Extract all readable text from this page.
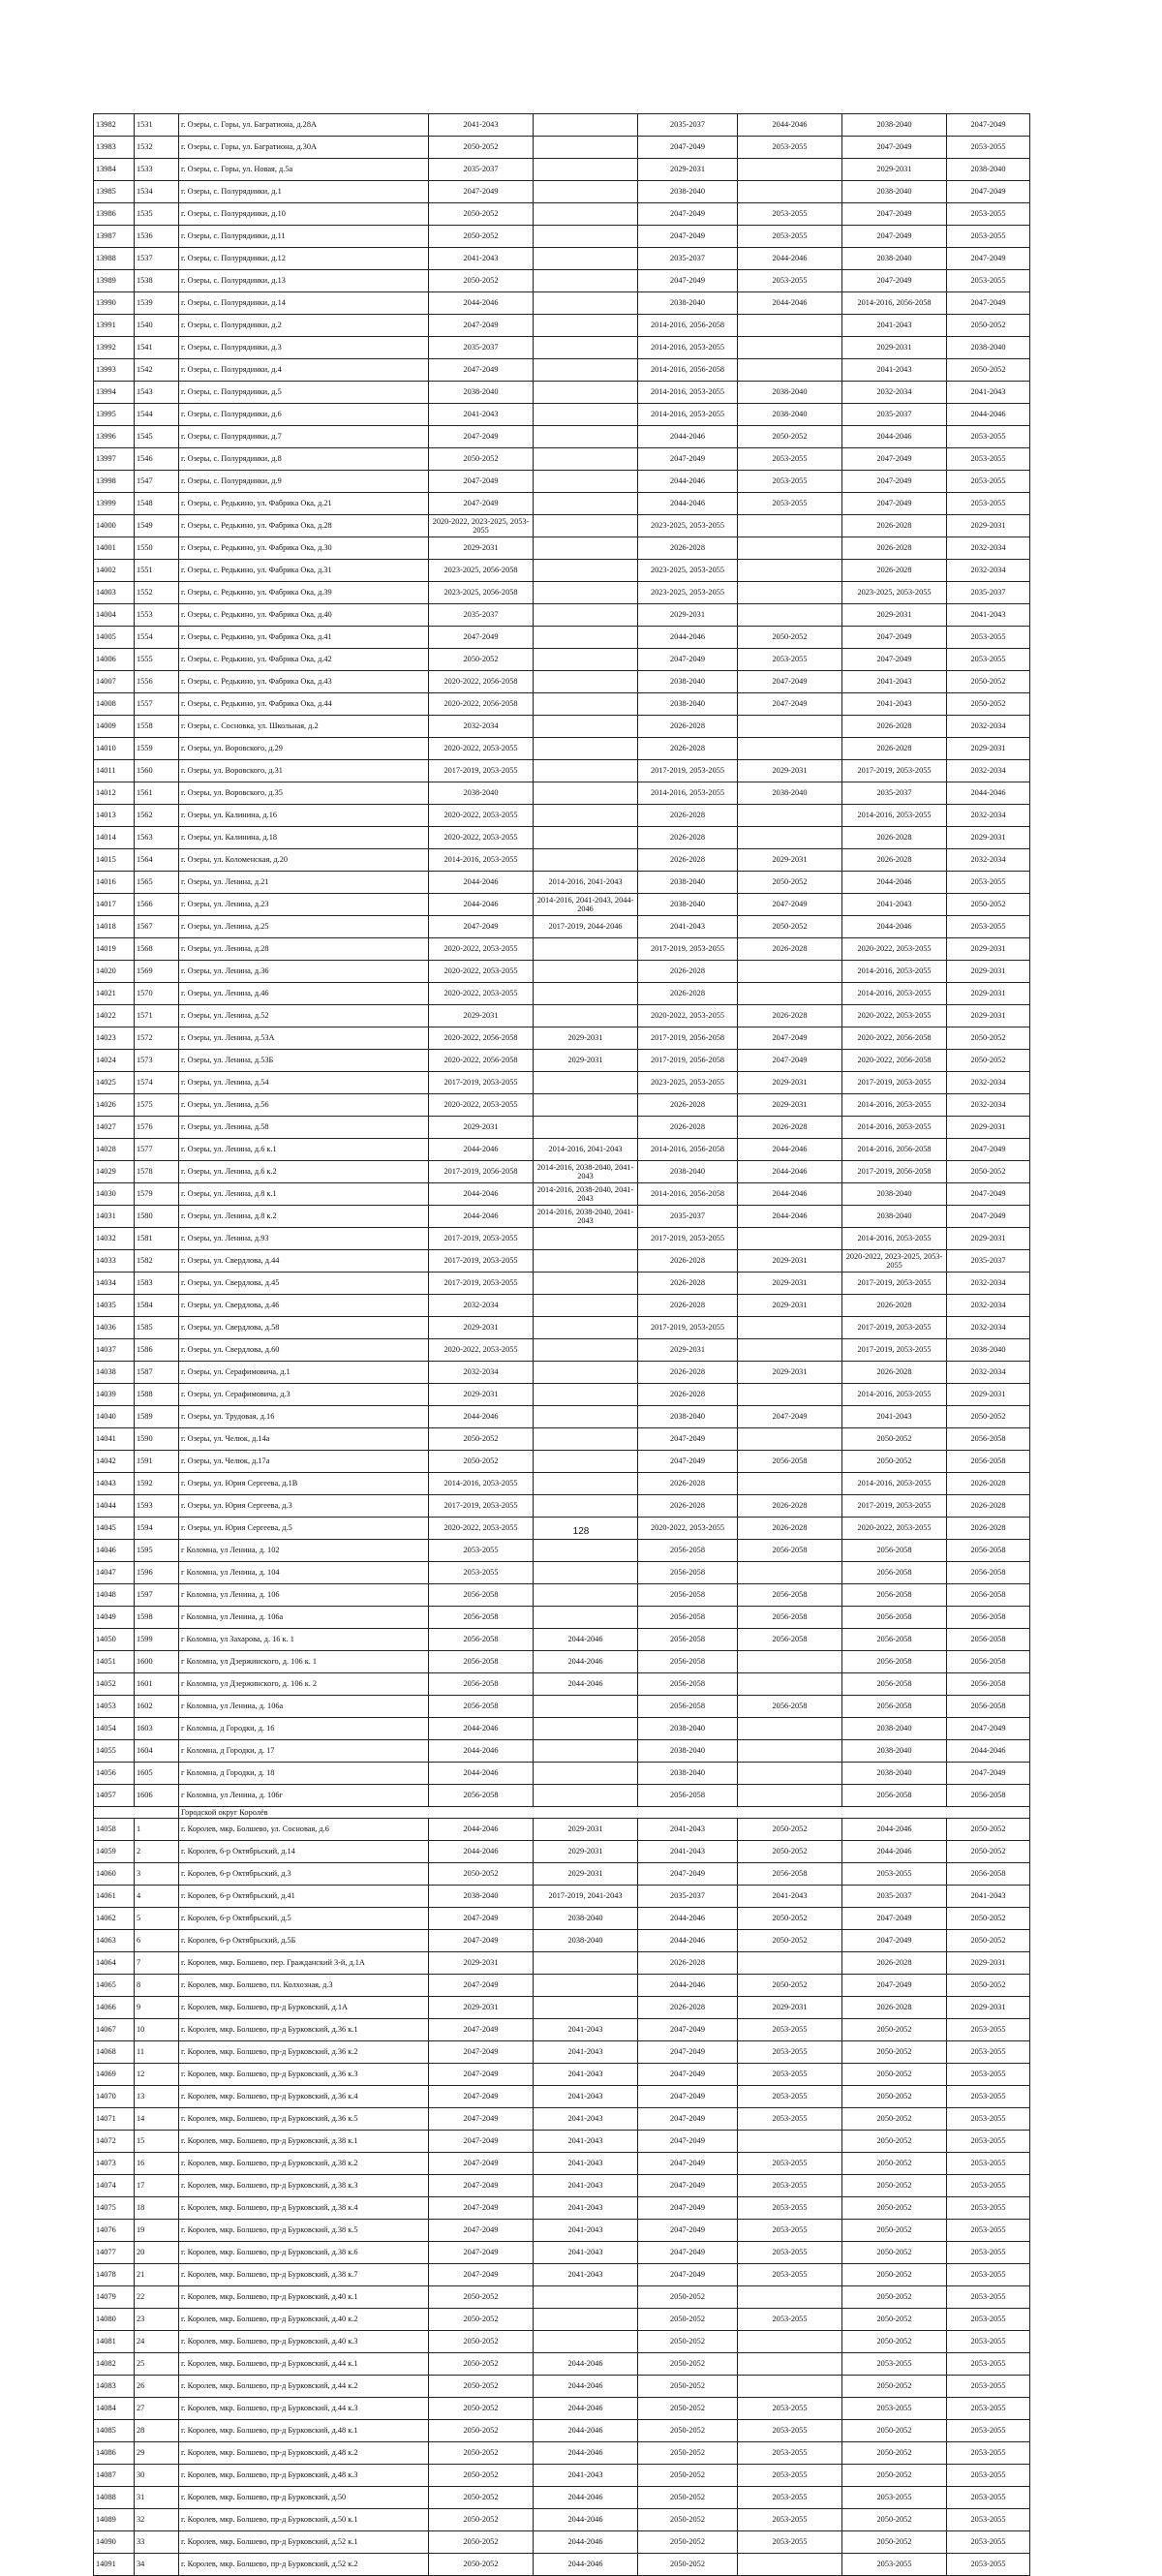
13982	1531	г. Озеры, с. Горы, ул. Багратиона, д.28А	2041-2043		2035-2037	2044-2046	2038-2040	2047-2049
13983	1532	г. Озеры, с. Горы, ул. Багратиона, д.30А	2050-2052		2047-2049	2053-2055	2047-2049	2053-2055
13984	1533	г. Озеры, с. Горы, ул. Новая, д.5а	2035-2037		2029-2031		2029-2031	2038-2040
13985	1534	г. Озеры, с. Полурядинки, д.1	2047-2049		2038-2040		2038-2040	2047-2049
13986	1535	г. Озеры, с. Полурядинки, д.10	2050-2052		2047-2049	2053-2055	2047-2049	2053-2055
13987	1536	г. Озеры, с. Полурядинки, д.11	2050-2052		2047-2049	2053-2055	2047-2049	2053-2055
13988	1537	г. Озеры, с. Полурядинки, д.12	2041-2043		2035-2037	2044-2046	2038-2040	2047-2049
13989	1538	г. Озеры, с. Полурядинки, д.13	2050-2052		2047-2049	2053-2055	2047-2049	2053-2055
13990	1539	г. Озеры, с. Полурядинки, д.14	2044-2046		2038-2040	2044-2046	2014-2016, 2056-2058	2047-2049
13991	1540	г. Озеры, с. Полурядинки, д.2	2047-2049		2014-2016, 2056-2058		2041-2043	2050-2052
13992	1541	г. Озеры, с. Полурядинки, д.3	2035-2037		2014-2016, 2053-2055		2029-2031	2038-2040
13993	1542	г. Озеры, с. Полурядинки, д.4	2047-2049		2014-2016, 2056-2058		2041-2043	2050-2052
13994	1543	г. Озеры, с. Полурядинки, д.5	2038-2040		2014-2016, 2053-2055	2038-2040	2032-2034	2041-2043
13995	1544	г. Озеры, с. Полурядинки, д.6	2041-2043		2014-2016, 2053-2055	2038-2040	2035-2037	2044-2046
13996	1545	г. Озеры, с. Полурядинки, д.7	2047-2049		2044-2046	2050-2052	2044-2046	2053-2055
13997	1546	г. Озеры, с. Полурядинки, д.8	2050-2052		2047-2049	2053-2055	2047-2049	2053-2055
13998	1547	г. Озеры, с. Полурядинки, д.9	2047-2049		2044-2046	2053-2055	2047-2049	2053-2055
13999	1548	г. Озеры, с. Редькино, ул. Фабрика Ока, д.21	2047-2049		2044-2046	2053-2055	2047-2049	2053-2055
14000	1549	г. Озеры, с. Редькино, ул. Фабрика Ока, д.28	2020-2022, 2023-2025, 2053-2055		2023-2025, 2053-2055		2026-2028	2029-2031
14001	1550	г. Озеры, с. Редькино, ул. Фабрика Ока, д.30	2029-2031		2026-2028		2026-2028	2032-2034
14002	1551	г. Озеры, с. Редькино, ул. Фабрика Ока, д.31	2023-2025, 2056-2058		2023-2025, 2053-2055		2026-2028	2032-2034
14003	1552	г. Озеры, с. Редькино, ул. Фабрика Ока, д.39	2023-2025, 2056-2058		2023-2025, 2053-2055		2023-2025, 2053-2055	2035-2037
14004	1553	г. Озеры, с. Редькино, ул. Фабрика Ока, д.40	2035-2037		2029-2031		2029-2031	2041-2043
14005	1554	г. Озеры, с. Редькино, ул. Фабрика Ока, д.41	2047-2049		2044-2046	2050-2052	2047-2049	2053-2055
14006	1555	г. Озеры, с. Редькино, ул. Фабрика Ока, д.42	2050-2052		2047-2049	2053-2055	2047-2049	2053-2055
14007	1556	г. Озеры, с. Редькино, ул. Фабрика Ока, д.43	2020-2022, 2056-2058		2038-2040	2047-2049	2041-2043	2050-2052
14008	1557	г. Озеры, с. Редькино, ул. Фабрика Ока, д.44	2020-2022, 2056-2058		2038-2040	2047-2049	2041-2043	2050-2052
14009	1558	г. Озеры, с. Сосновка, ул. Школьная, д.2	2032-2034		2026-2028		2026-2028	2032-2034
14010	1559	г. Озеры, ул. Воровского, д.29	2020-2022, 2053-2055		2026-2028		2026-2028	2029-2031
14011	1560	г. Озеры, ул. Воровского, д.31	2017-2019, 2053-2055		2017-2019, 2053-2055	2029-2031	2017-2019, 2053-2055	2032-2034
14012	1561	г. Озеры, ул. Воровского, д.35	2038-2040		2014-2016, 2053-2055	2038-2040	2035-2037	2044-2046
14013	1562	г. Озеры, ул. Калинина, д.16	2020-2022, 2053-2055		2026-2028		2014-2016, 2053-2055	2032-2034
14014	1563	г. Озеры, ул. Калинина, д.18	2020-2022, 2053-2055		2026-2028		2026-2028	2029-2031
14015	1564	г. Озеры, ул. Коломенская, д.20	2014-2016, 2053-2055		2026-2028	2029-2031	2026-2028	2032-2034
14016	1565	г. Озеры, ул. Ленина, д.21	2044-2046	2014-2016, 2041-2043	2038-2040	2050-2052	2044-2046	2053-2055
14017	1566	г. Озеры, ул. Ленина, д.23	2044-2046	2014-2016, 2041-2043, 2044-2046	2038-2040	2047-2049	2041-2043	2050-2052
14018	1567	г. Озеры, ул. Ленина, д.25	2047-2049	2017-2019, 2044-2046	2041-2043	2050-2052	2044-2046	2053-2055
14019	1568	г. Озеры, ул. Ленина, д.28	2020-2022, 2053-2055		2017-2019, 2053-2055	2026-2028	2020-2022, 2053-2055	2029-2031
14020	1569	г. Озеры, ул. Ленина, д.36	2020-2022, 2053-2055		2026-2028		2014-2016, 2053-2055	2029-2031
14021	1570	г. Озеры, ул. Ленина, д.46	2020-2022, 2053-2055		2026-2028		2014-2016, 2053-2055	2029-2031
14022	1571	г. Озеры, ул. Ленина, д.52	2029-2031		2020-2022, 2053-2055	2026-2028	2020-2022, 2053-2055	2029-2031
14023	1572	г. Озеры, ул. Ленина, д.53А	2020-2022, 2056-2058	2029-2031	2017-2019, 2056-2058	2047-2049	2020-2022, 2056-2058	2050-2052
14024	1573	г. Озеры, ул. Ленина, д.53Б	2020-2022, 2056-2058	2029-2031	2017-2019, 2056-2058	2047-2049	2020-2022, 2056-2058	2050-2052
14025	1574	г. Озеры, ул. Ленина, д.54	2017-2019, 2053-2055		2023-2025, 2053-2055	2029-2031	2017-2019, 2053-2055	2032-2034
14026	1575	г. Озеры, ул. Ленина, д.56	2020-2022, 2053-2055		2026-2028	2029-2031	2014-2016, 2053-2055	2032-2034
14027	1576	г. Озеры, ул. Ленина, д.58	2029-2031		2026-2028	2026-2028	2014-2016, 2053-2055	2029-2031
14028	1577	г. Озеры, ул. Ленина, д.6 к.1	2044-2046	2014-2016, 2041-2043	2014-2016, 2056-2058	2044-2046	2014-2016, 2056-2058	2047-2049
14029	1578	г. Озеры, ул. Ленина, д.6 к.2	2017-2019, 2056-2058	2014-2016, 2038-2040, 2041-2043	2038-2040	2044-2046	2017-2019, 2056-2058	2050-2052
14030	1579	г. Озеры, ул. Ленина, д.8 к.1	2044-2046	2014-2016, 2038-2040, 2041-2043	2014-2016, 2056-2058	2044-2046	2038-2040	2047-2049
14031	1580	г. Озеры, ул. Ленина, д.8 к.2	2044-2046	2014-2016, 2038-2040, 2041-2043	2035-2037	2044-2046	2038-2040	2047-2049
14032	1581	г. Озеры, ул. Ленина, д.93	2017-2019, 2053-2055		2017-2019, 2053-2055		2014-2016, 2053-2055	2029-2031
14033	1582	г. Озеры, ул. Свердлова, д.44	2017-2019, 2053-2055		2026-2028	2029-2031	2020-2022, 2023-2025, 2053-2055	2035-2037
14034	1583	г. Озеры, ул. Свердлова, д.45	2017-2019, 2053-2055		2026-2028	2029-2031	2017-2019, 2053-2055	2032-2034
14035	1584	г. Озеры, ул. Свердлова, д.46	2032-2034		2026-2028	2029-2031	2026-2028	2032-2034
14036	1585	г. Озеры, ул. Свердлова, д.58	2029-2031		2017-2019, 2053-2055		2017-2019, 2053-2055	2032-2034
14037	1586	г. Озеры, ул. Свердлова, д.60	2020-2022, 2053-2055		2029-2031		2017-2019, 2053-2055	2038-2040
14038	1587	г. Озеры, ул. Серафимовича, д.1	2032-2034		2026-2028	2029-2031	2026-2028	2032-2034
14039	1588	г. Озеры, ул. Серафимовича, д.3	2029-2031		2026-2028		2014-2016, 2053-2055	2029-2031
14040	1589	г. Озеры, ул. Трудовая, д.16	2044-2046		2038-2040	2047-2049	2041-2043	2050-2052
14041	1590	г. Озеры, ул. Челюк, д.14а	2050-2052		2047-2049		2050-2052	2056-2058
14042	1591	г. Озеры, ул. Челюк, д.17а	2050-2052		2047-2049	2056-2058	2050-2052	2056-2058
14043	1592	г. Озеры, ул. Юрия Сергеева, д.1В	2014-2016, 2053-2055		2026-2028		2014-2016, 2053-2055	2026-2028
14044	1593	г. Озеры, ул. Юрия Сергеева, д.3	2017-2019, 2053-2055		2026-2028	2026-2028	2017-2019, 2053-2055	2026-2028
14045	1594	г. Озеры, ул. Юрия Сергеева, д.5	2020-2022, 2053-2055		2020-2022, 2053-2055	2026-2028	2020-2022, 2053-2055	2026-2028
14046	1595	г Коломна, ул Ленина, д. 102	2053-2055		2056-2058	2056-2058	2056-2058	2056-2058
14047	1596	г Коломна, ул Ленина, д. 104	2053-2055		2056-2058		2056-2058	2056-2058
14048	1597	г Коломна, ул Ленина, д. 106	2056-2058		2056-2058	2056-2058	2056-2058	2056-2058
14049	1598	г Коломна, ул Ленина, д. 106а	2056-2058		2056-2058	2056-2058	2056-2058	2056-2058
14050	1599	г Коломна, ул Захарова, д. 16 к. 1	2056-2058	2044-2046	2056-2058	2056-2058	2056-2058	2056-2058
14051	1600	г Коломна, ул Дзержинского, д. 106 к. 1	2056-2058	2044-2046	2056-2058		2056-2058	2056-2058
14052	1601	г Коломна, ул Дзержинского, д. 106 к. 2	2056-2058	2044-2046	2056-2058		2056-2058	2056-2058
14053	1602	г Коломна, ул Ленина, д. 106а	2056-2058		2056-2058	2056-2058	2056-2058	2056-2058
14054	1603	г Коломна, д Городки, д. 16	2044-2046		2038-2040		2038-2040	2047-2049
14055	1604	г Коломна, д Городки, д. 17	2044-2046		2038-2040		2038-2040	2044-2046
14056	1605	г Коломна, д Городки, д. 18	2044-2046		2038-2040		2038-2040	2047-2049
14057	1606	г Коломна, ул Ленина, д. 106г	2056-2058		2056-2058		2056-2058	2056-2058
		Городской округ Королёв						
14058	1	г. Королев, мкр. Болшево, ул. Сосновая, д.6	2044-2046	2029-2031	2041-2043	2050-2052	2044-2046	2050-2052
14059	2	г. Королев, 6-р Октябрьский, д.14	2044-2046	2029-2031	2041-2043	2050-2052	2044-2046	2050-2052
14060	3	г. Королев, 6-р Октябрьский, д.3	2050-2052	2029-2031	2047-2049	2056-2058	2053-2055	2056-2058
14061	4	г. Королев, 6-р Октябрьский, д.41	2038-2040	2017-2019, 2041-2043	2035-2037	2041-2043	2035-2037	2041-2043
14062	5	г. Королев, 6-р Октябрьский, д.5	2047-2049	2038-2040	2044-2046	2050-2052	2047-2049	2050-2052
14063	6	г. Королев, 6-р Октябрьский, д.5Б	2047-2049	2038-2040	2044-2046	2050-2052	2047-2049	2050-2052
14064	7	г. Королев, мкр. Болшево, пер. Гражданский 3-й, д.1А	2029-2031		2026-2028		2026-2028	2029-2031
14065	8	г. Королев, мкр. Болшево, пл. Колхозная, д.3	2047-2049		2044-2046	2050-2052	2047-2049	2050-2052
14066	9	г. Королев, мкр. Болшево, пр-д Бурковский, д.1А	2029-2031		2026-2028	2029-2031	2026-2028	2029-2031
14067	10	г. Королев, мкр. Болшево, пр-д Бурковский, д.36 к.1	2047-2049	2041-2043	2047-2049	2053-2055	2050-2052	2053-2055
14068	11	г. Королев, мкр. Болшево, пр-д Бурковский, д.36 к.2	2047-2049	2041-2043	2047-2049	2053-2055	2050-2052	2053-2055
14069	12	г. Королев, мкр. Болшево, пр-д Бурковский, д.36 к.3	2047-2049	2041-2043	2047-2049	2053-2055	2050-2052	2053-2055
14070	13	г. Королев, мкр. Болшево, пр-д Бурковский, д.36 к.4	2047-2049	2041-2043	2047-2049	2053-2055	2050-2052	2053-2055
14071	14	г. Королев, мкр. Болшево, пр-д Бурковский, д.36 к.5	2047-2049	2041-2043	2047-2049	2053-2055	2050-2052	2053-2055
14072	15	г. Королев, мкр. Болшево, пр-д Бурковский, д.38 к.1	2047-2049	2041-2043	2047-2049		2050-2052	2053-2055
14073	16	г. Королев, мкр. Болшево, пр-д Бурковский, д.38 к.2	2047-2049	2041-2043	2047-2049	2053-2055	2050-2052	2053-2055
14074	17	г. Королев, мкр. Болшево, пр-д Бурковский, д.38 к.3	2047-2049	2041-2043	2047-2049	2053-2055	2050-2052	2053-2055
14075	18	г. Королев, мкр. Болшево, пр-д Бурковский, д.38 к.4	2047-2049	2041-2043	2047-2049	2053-2055	2050-2052	2053-2055
14076	19	г. Королев, мкр. Болшево, пр-д Бурковский, д.38 к.5	2047-2049	2041-2043	2047-2049	2053-2055	2050-2052	2053-2055
14077	20	г. Королев, мкр. Болшево, пр-д Бурковский, д.38 к.6	2047-2049	2041-2043	2047-2049	2053-2055	2050-2052	2053-2055
14078	21	г. Королев, мкр. Болшево, пр-д Бурковский, д.38 к.7	2047-2049	2041-2043	2047-2049	2053-2055	2050-2052	2053-2055
14079	22	г. Королев, мкр. Болшево, пр-д Бурковский, д.40 к.1	2050-2052		2050-2052		2050-2052	2053-2055
14080	23	г. Королев, мкр. Болшево, пр-д Бурковский, д.40 к.2	2050-2052		2050-2052	2053-2055	2050-2052	2053-2055
14081	24	г. Королев, мкр. Болшево, пр-д Бурковский, д.40 к.3	2050-2052		2050-2052		2050-2052	2053-2055
14082	25	г. Королев, мкр. Болшево, пр-д Бурковский, д.44 к.1	2050-2052	2044-2046	2050-2052		2053-2055	2053-2055
14083	26	г. Королев, мкр. Болшево, пр-д Бурковский, д.44 к.2	2050-2052	2044-2046	2050-2052		2050-2052	2053-2055
14084	27	г. Королев, мкр. Болшево, пр-д Бурковский, д.44 к.3	2050-2052	2044-2046	2050-2052	2053-2055	2053-2055	2053-2055
14085	28	г. Королев, мкр. Болшево, пр-д Бурковский, д.48 к.1	2050-2052	2044-2046	2050-2052	2053-2055	2050-2052	2053-2055
14086	29	г. Королев, мкр. Болшево, пр-д Бурковский, д.48 к.2	2050-2052	2044-2046	2050-2052	2053-2055	2050-2052	2053-2055
14087	30	г. Королев, мкр. Болшево, пр-д Бурковский, д.48 к.3	2050-2052	2041-2043	2050-2052	2053-2055	2050-2052	2053-2055
14088	31	г. Королев, мкр. Болшево, пр-д Бурковский, д.50	2050-2052	2044-2046	2050-2052	2053-2055	2053-2055	2053-2055
14089	32	г. Королев, мкр. Болшево, пр-д Бурковский, д.50 к.1	2050-2052	2044-2046	2050-2052	2053-2055	2050-2052	2053-2055
14090	33	г. Королев, мкр. Болшево, пр-д Бурковский, д.52 к.1	2050-2052	2044-2046	2050-2052	2053-2055	2050-2052	2053-2055
14091	34	г. Королев, мкр. Болшево, пр-д Бурковский, д.52 к.2	2050-2052	2044-2046	2050-2052		2053-2055	2053-2055
128
